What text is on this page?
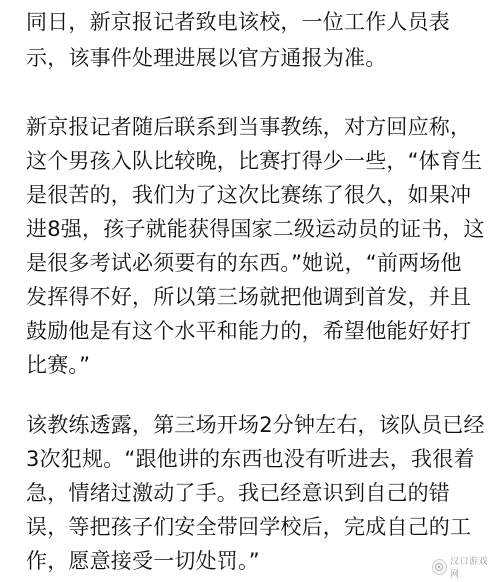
同日，新京报记者致电该校，一位工作人员表
示，该事件处理进展以官方通报为准。
新京报记者随后联系到当事教练，对方回应称，
这个男孩入队比较晚，比赛打得少一些，“体育生
是很苦的，我们为了这次比赛练了很久，如果冲
进8强，孩子就能获得国家二级运动员的证书，这
是很多考试必须要有的东西。”她说，“前两场他
发挥得不好，所以第三场就把他调到首发，并且
鼓励他是有这个水平和能力的，希望他能好好打
比赛。”
该教练透露，第三场开场2分钟左右，该队员已经
3次犯规。“跟他讲的东西也没有听进去，我很着
急，情绪过激动了手。我已经意识到自己的错
误，等把孩子们安全带回学校后，完成自己的工
作，愿意接受一切处罚。”	汉口游戏网
